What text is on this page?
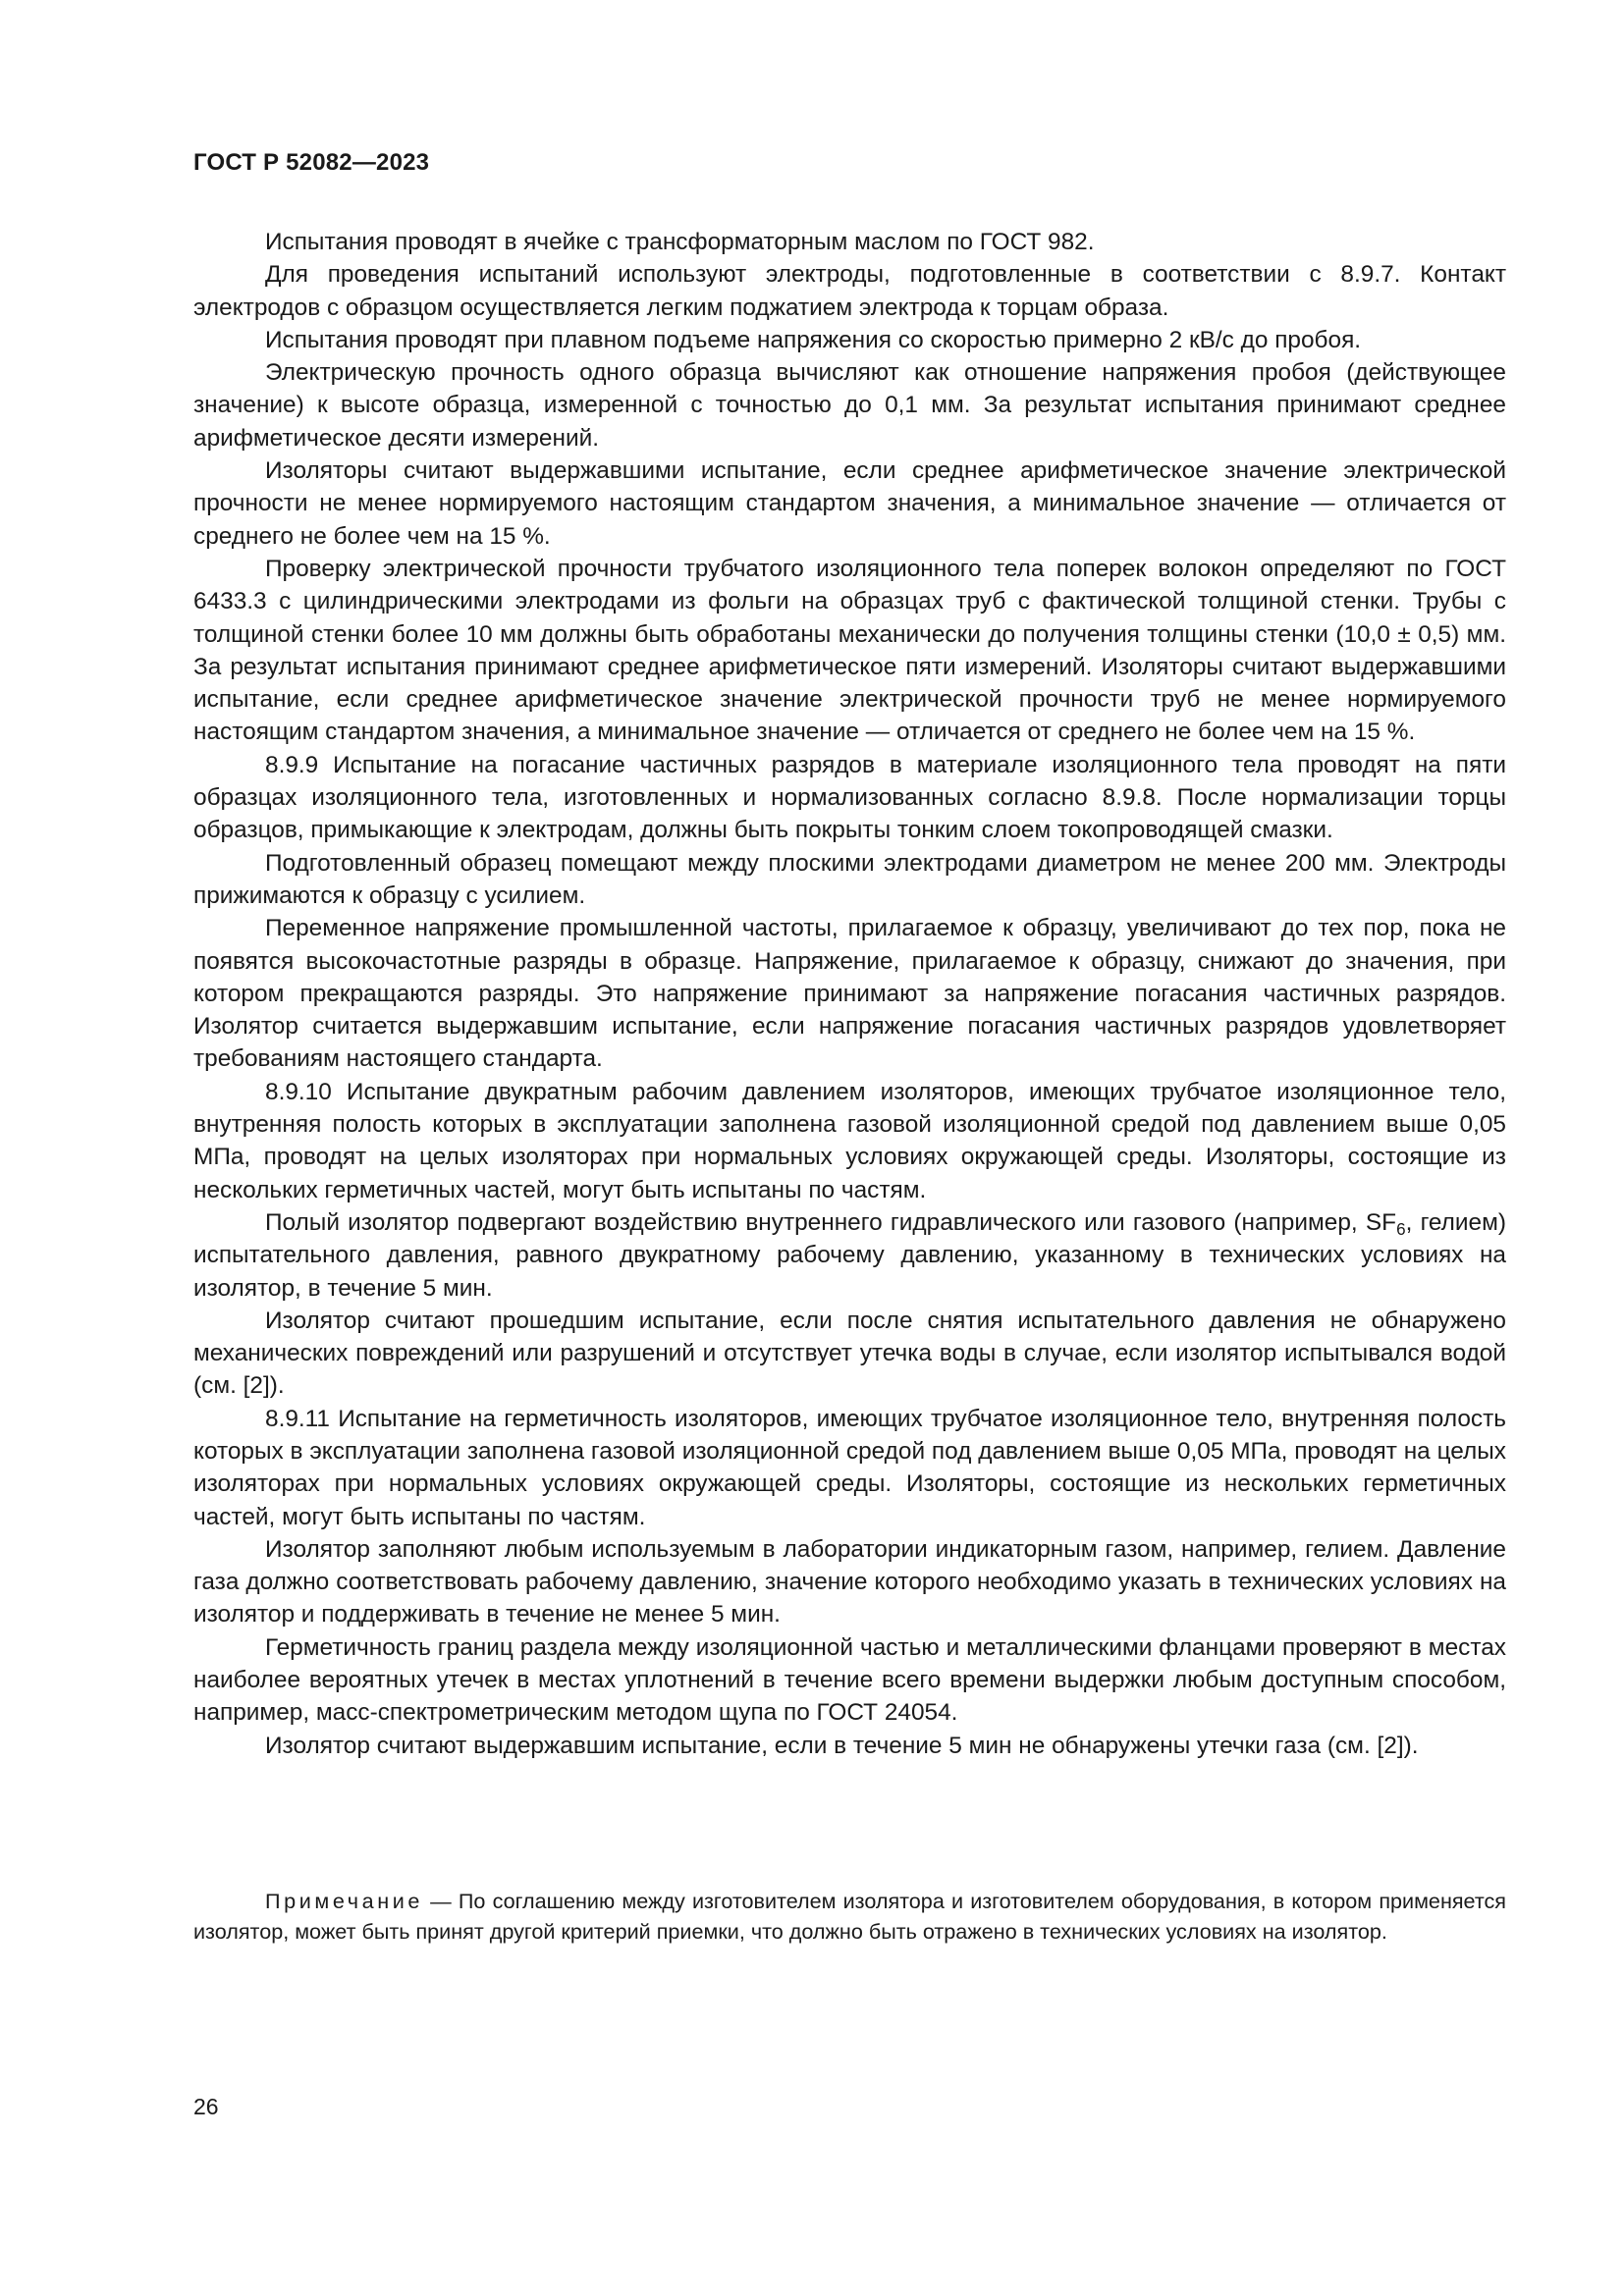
ГОСТ Р 52082—2023

Испытания проводят в ячейке с трансформаторным маслом по ГОСТ 982.

Для проведения испытаний используют электроды, подготовленные в соответствии с 8.9.7. Контакт электродов с образцом осуществляется легким поджатием электрода к торцам образа.

Испытания проводят при плавном подъеме напряжения со скоростью примерно 2 кВ/с до пробоя.

Электрическую прочность одного образца вычисляют как отношение напряжения пробоя (действующее значение) к высоте образца, измеренной с точностью до 0,1 мм. За результат испытания принимают среднее арифметическое десяти измерений.

Изоляторы считают выдержавшими испытание, если среднее арифметическое значение электрической прочности не менее нормируемого настоящим стандартом значения, а минимальное значение — отличается от среднего не более чем на 15 %.

Проверку электрической прочности трубчатого изоляционного тела поперек волокон определяют по ГОСТ 6433.3 с цилиндрическими электродами из фольги на образцах труб с фактической толщиной стенки. Трубы с толщиной стенки более 10 мм должны быть обработаны механически до получения толщины стенки (10,0 ± 0,5) мм. За результат испытания принимают среднее арифметическое пяти измерений. Изоляторы считают выдержавшими испытание, если среднее арифметическое значение электрической прочности труб не менее нормируемого настоящим стандартом значения, а минимальное значение — отличается от среднего не более чем на 15 %.

8.9.9 Испытание на погасание частичных разрядов в материале изоляционного тела проводят на пяти образцах изоляционного тела, изготовленных и нормализованных согласно 8.9.8. После нормализации торцы образцов, примыкающие к электродам, должны быть покрыты тонким слоем токопроводящей смазки.

Подготовленный образец помещают между плоскими электродами диаметром не менее 200 мм. Электроды прижимаются к образцу с усилием.

Переменное напряжение промышленной частоты, прилагаемое к образцу, увеличивают до тех пор, пока не появятся высокочастотные разряды в образце. Напряжение, прилагаемое к образцу, снижают до значения, при котором прекращаются разряды. Это напряжение принимают за напряжение погасания частичных разрядов. Изолятор считается выдержавшим испытание, если напряжение погасания частичных разрядов удовлетворяет требованиям настоящего стандарта.

8.9.10 Испытание двукратным рабочим давлением изоляторов, имеющих трубчатое изоляционное тело, внутренняя полость которых в эксплуатации заполнена газовой изоляционной средой под давлением выше 0,05 МПа, проводят на целых изоляторах при нормальных условиях окружающей среды. Изоляторы, состоящие из нескольких герметичных частей, могут быть испытаны по частям.

Полый изолятор подвергают воздействию внутреннего гидравлического или газового (например, $SF_6$, гелием) испытательного давления, равного двукратному рабочему давлению, указанному в технических условиях на изолятор, в течение 5 мин.

Изолятор считают прошедшим испытание, если после снятия испытательного давления не обнаружено механических повреждений или разрушений и отсутствует утечка воды в случае, если изолятор испытывался водой (см. [2]).

8.9.11 Испытание на герметичность изоляторов, имеющих трубчатое изоляционное тело, внутренняя полость которых в эксплуатации заполнена газовой изоляционной средой под давлением выше 0,05 МПа, проводят на целых изоляторах при нормальных условиях окружающей среды. Изоляторы, состоящие из нескольких герметичных частей, могут быть испытаны по частям.

Изолятор заполняют любым используемым в лаборатории индикаторным газом, например, гелием. Давление газа должно соответствовать рабочему давлению, значение которого необходимо указать в технических условиях на изолятор и поддерживать в течение не менее 5 мин.

Герметичность границ раздела между изоляционной частью и металлическими фланцами проверяют в местах наиболее вероятных утечек в местах уплотнений в течение всего времени выдержки любым доступным способом, например, масс-спектрометрическим методом щупа по ГОСТ 24054.

Изолятор считают выдержавшим испытание, если в течение 5 мин не обнаружены утечки газа (см. [2]).

Примечание — По соглашению между изготовителем изолятора и изготовителем оборудования, в котором применяется изолятор, может быть принят другой критерий приемки, что должно быть отражено в технических условиях на изолятор.

26
